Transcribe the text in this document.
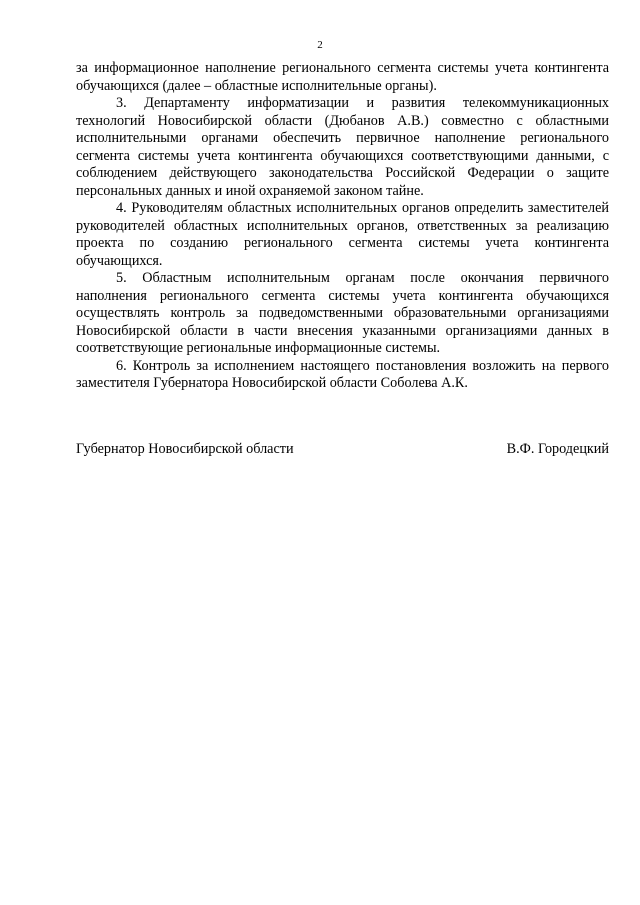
2

за информационное наполнение регионального сегмента системы учета контингента обучающихся (далее – областные исполнительные органы).

3. Департаменту информатизации и развития телекоммуникационных технологий Новосибирской области (Дюбанов А.В.) совместно с областными исполнительными органами обеспечить первичное наполнение регионального сегмента системы учета контингента обучающихся соответствующими данными, с соблюдением действующего законодательства Российской Федерации о защите персональных данных и иной охраняемой законом тайне.

4. Руководителям областных исполнительных органов определить заместителей руководителей областных исполнительных органов, ответственных за реализацию проекта по созданию регионального сегмента системы учета контингента обучающихся.

5. Областным исполнительным органам после окончания первичного наполнения регионального сегмента системы учета контингента обучающихся осуществлять контроль за подведомственными образовательными организациями Новосибирской области в части внесения указанными организациями данных в соответствующие региональные информационные системы.

6. Контроль за исполнением настоящего постановления возложить на первого заместителя Губернатора Новосибирской области Соболева А.К.

Губернатор Новосибирской области	В.Ф. Городецкий
